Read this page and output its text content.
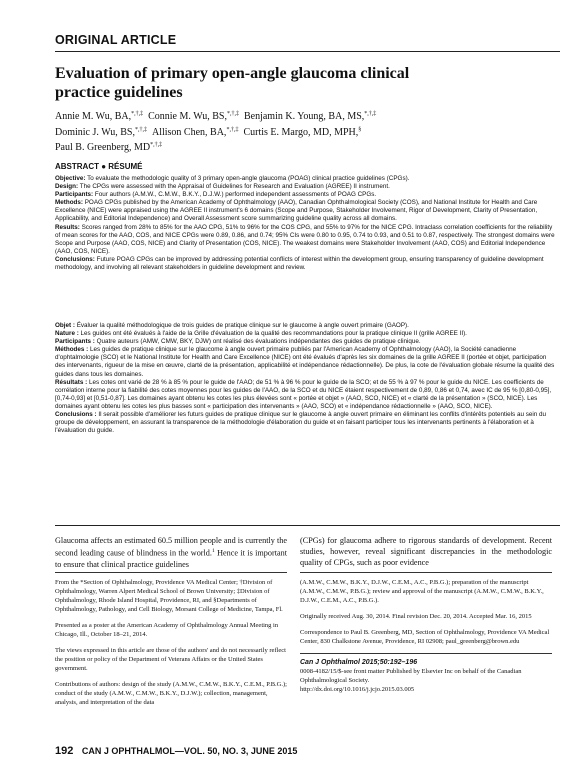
ORIGINAL ARTICLE
Evaluation of primary open-angle glaucoma clinical
practice guidelines
Annie M. Wu, BA,*,†,‡ Connie M. Wu, BS,*,†,‡ Benjamin K. Young, BA, MS,*,†,‡
Dominic J. Wu, BS,*,†,‡ Allison Chen, BA,*,†,‡ Curtis E. Margo, MD, MPH,§
Paul B. Greenberg, MD*,†,‡
ABSTRACT ● RÉSUMÉ

Objective: To evaluate the methodologic quality of 3 primary open-angle glaucoma (POAG) clinical practice guidelines (CPGs).

Design: The CPGs were assessed with the Appraisal of Guidelines for Research and Evaluation (AGREE) II instrument.

Participants: Four authors (A.M.W., C.M.W., B.K.Y., D.J.W.) performed independent assessments of POAG CPGs.

Methods: POAG CPGs published by the American Academy of Ophthalmology (AAO), Canadian Ophthalmological Society (COS), and National Institute for Health and Care Excellence (NICE) were appraised using the AGREE II instrument's 6 domains (Scope and Purpose, Stakeholder Involvement, Rigor of Development, Clarity of Presentation, Applicability, and Editorial Independence) and Overall Assessment score summarizing guideline quality across all domains.

Results: Scores ranged from 28% to 85% for the AAO CPG, 51% to 96% for the COS CPG, and 55% to 97% for the NICE CPG. Intraclass correlation coefficients for the reliability of mean scores for the AAO, COS, and NICE CPGs were 0.89, 0.86, and 0.74; 95% CIs were 0.80 to 0.95, 0.74 to 0.93, and 0.51 to 0.87, respectively. The strongest domains were Scope and Purpose (AAO, COS, NICE) and Clarity of Presentation (COS, NICE). The weakest domains were Stakeholder Involvement (AAO, COS) and Editorial Independence (AAO, COS, NICE).

Conclusions: Future POAG CPGs can be improved by addressing potential conflicts of interest within the development group, ensuring transparency of guideline development methodology, and involving all relevant stakeholders in guideline development and review.

Objet : Évaluer la qualité méthodologique de trois guides de pratique clinique sur le glaucome à angle ouvert primaire (GAOP).

Nature : Les guides ont été évalués à l'aide de la Grille d'évaluation de la qualité des recommandations pour la pratique clinique II (grille AGREE II).

Participants : Quatre auteurs (AMW, CMW, BKY, DJW) ont réalisé des évaluations indépendantes des guides de pratique clinique.

Méthodes : Les guides de pratique clinique sur le glaucome à angle ouvert primaire publiés par l'American Academy of Ophthalmology (AAO), la Société canadienne d'ophtalmologie (SCO) et le National Institute for Health and Care Excellence (NICE) ont été évalués d'après les six domaines de la grille AGREE II (portée et objet, participation des intervenants, rigueur de la mise en œuvre, clarté de la présentation, applicabilité et indépendance rédactionnelle). De plus, la cote de l'évaluation globale résume la qualité des guides dans tous les domaines.

Résultats : Les cotes ont varié de 28 % à 85 % pour le guide de l'AAO; de 51 % à 96 % pour le guide de la SCO; et de 55 % à 97 % pour le guide du NICE. Les coefficients de corrélation interne pour la fiabilité des cotes moyennes pour les guides de l'AAO, de la SCO et du NICE étaient respectivement de 0,89, 0,86 et 0,74, avec IC de 95 % [0,80-0,95], [0,74-0,93] et [0,51-0,87]. Les domaines ayant obtenu les cotes les plus élevées sont « portée et objet » (AAO, SCO, NICE) et « clarté de la présentation » (SCO, NICE). Les domaines ayant obtenu les cotes les plus basses sont « participation des intervenants » (AAO, SCO) et « indépendance rédactionnelle » (AAO, SCO, NICE).

Conclusions : Il serait possible d'améliorer les futurs guides de pratique clinique sur le glaucome à angle ouvert primaire en éliminant les conflits d'intérêts potentiels au sein du groupe de développement, en assurant la transparence de la méthodologie d'élaboration du guide et en faisant participer tous les intervenants pertinents à l'élaboration et à l'évaluation du guide.

Glaucoma affects an estimated 60.5 million people and is currently the second leading cause of blindness in the world.$^1$ Hence it is important to ensure that clinical practice guidelines

(CPGs) for glaucoma adhere to rigorous standards of development. Recent studies, however, reveal significant discrepancies in the methodologic quality of CPGs, such as poor evidence

From the *Section of Ophthalmology, Providence VA Medical Center; †Division of Ophthalmology, Warren Alpert Medical School of Brown University; ‡Division of Ophthalmology, Rhode Island Hospital, Providence, RI, and §Departments of Ophthalmology, Pathology, and Cell Biology, Morsani College of Medicine, Tampa, Fl.

Presented as a poster at the American Academy of Ophthalmology Annual Meeting in Chicago, Ill., October 18–21, 2014.

The views expressed in this article are those of the authors' and do not necessarily reflect the position or policy of the Department of Veterans Affairs or the United States government.

Contributions of authors: design of the study (A.M.W., C.M.W., B.K.Y., C.E.M., P.B.G.); conduct of the study (A.M.W., C.M.W., B.K.Y., D.J.W.); collection, management, analysis, and interpretation of the data

(A.M.W., C.M.W., B.K.Y., D.J.W., C.E.M., A.C., P.B.G.); preparation of the manuscript (A.M.W., C.M.W., P.B.G.); review and approval of the manuscript (A.M.W., C.M.W., B.K.Y., D.J.W., C.E.M., A.C., P.B.G.).

Originally received Aug. 30, 2014. Final revision Dec. 20, 2014. Accepted Mar. 16, 2015

Correspondence to Paul B. Greenberg, MD, Section of Ophthalmology, Providence VA Medical Center, 830 Chalkstone Avenue, Providence, RI 02908; paul_greenberg@brown.edu

Can J Ophthalmol 2015;50:192–196

0008-4182/15/$-see front matter Published by Elsevier Inc on behalf of the Canadian Ophthalmological Society.

http://dx.doi.org/10.1016/j.jcjo.2015.03.005

192 CAN J OPHTHALMOL—VOL. 50, NO. 3, JUNE 2015
